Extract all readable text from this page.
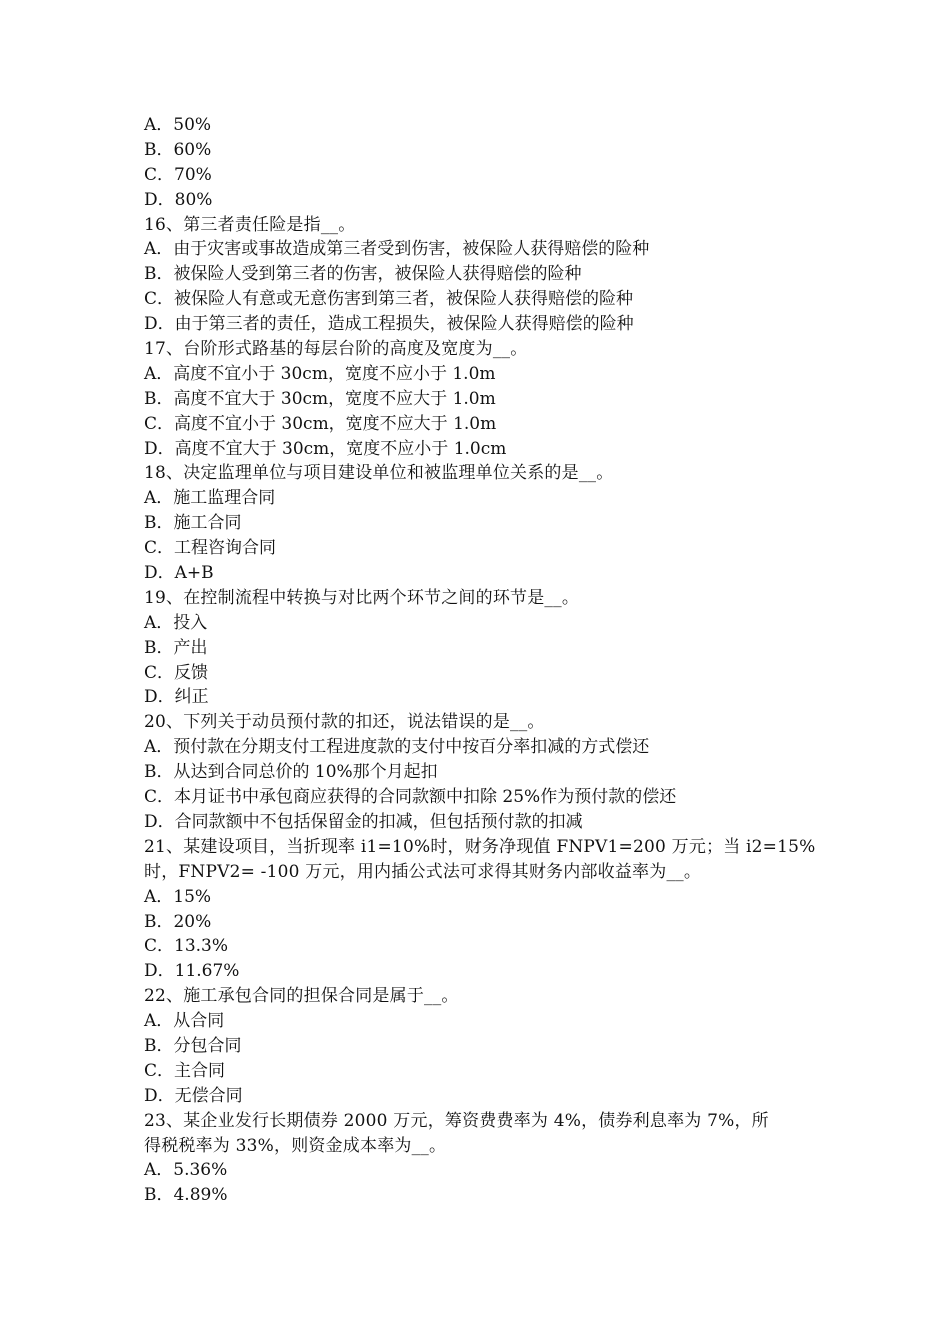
A．50%
B．60%
C．70%
D．80%
16、第三者责任险是指__。
A．由于灾害或事故造成第三者受到伤害，被保险人获得赔偿的险种
B．被保险人受到第三者的伤害，被保险人获得赔偿的险种
C．被保险人有意或无意伤害到第三者，被保险人获得赔偿的险种
D．由于第三者的责任，造成工程损失，被保险人获得赔偿的险种
17、台阶形式路基的每层台阶的高度及宽度为__。
A．高度不宜小于 30cm，宽度不应小于 1.0m
B．高度不宜大于 30cm，宽度不应大于 1.0m
C．高度不宜小于 30cm，宽度不应大于 1.0m
D．高度不宜大于 30cm，宽度不应小于 1.0cm
18、决定监理单位与项目建设单位和被监理单位关系的是__。
A．施工监理合同
B．施工合同
C．工程咨询合同
D．A+B
19、在控制流程中转换与对比两个环节之间的环节是__。
A．投入
B．产出
C．反馈
D．纠正
20、下列关于动员预付款的扣还，说法错误的是__。
A．预付款在分期支付工程进度款的支付中按百分率扣减的方式偿还
B．从达到合同总价的 10%那个月起扣
C．本月证书中承包商应获得的合同款额中扣除 25%作为预付款的偿还
D．合同款额中不包括保留金的扣减，但包括预付款的扣减
21、某建设项目，当折现率 i1=10%时，财务净现值 FNPV1=200 万元；当 i2=15%
时，FNPV2= -100 万元，用内插公式法可求得其财务内部收益率为__。
A．15%
B．20%
C．13.3%
D．11.67%
22、施工承包合同的担保合同是属于__。
A．从合同
B．分包合同
C．主合同
D．无偿合同
23、某企业发行长期债券 2000 万元，筹资费费率为 4%，债券利息率为 7%，所
得税税率为 33%，则资金成本率为__。
A．5.36%
B．4.89%
